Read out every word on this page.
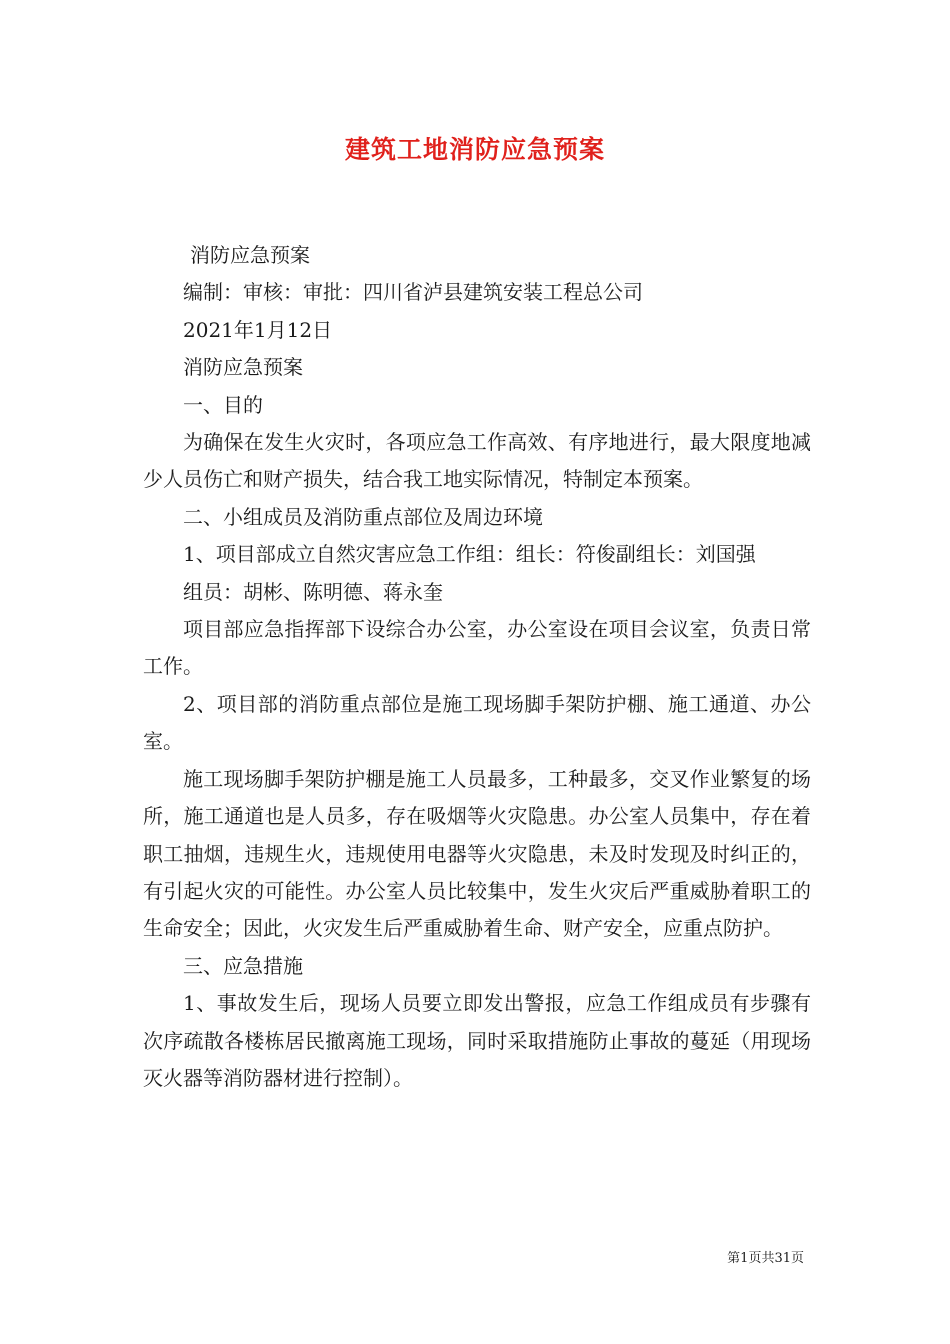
建筑工地消防应急预案

消防应急预案

编制：审核：审批：四川省泸县建筑安装工程总公司

2021年1月12日

消防应急预案

一、目的

为确保在发生火灾时，各项应急工作高效、有序地进行，最大限度地减少人员伤亡和财产损失，结合我工地实际情况，特制定本预案。

二、小组成员及消防重点部位及周边环境

1、项目部成立自然灾害应急工作组：组长：符俊副组长：刘国强

组员：胡彬、陈明德、蒋永奎

项目部应急指挥部下设综合办公室，办公室设在项目会议室，负责日常工作。

2、项目部的消防重点部位是施工现场脚手架防护棚、施工通道、办公室。

施工现场脚手架防护棚是施工人员最多，工种最多，交叉作业繁复的场所，施工通道也是人员多，存在吸烟等火灾隐患。办公室人员集中，存在着职工抽烟，违规生火，违规使用电器等火灾隐患，未及时发现及时纠正的，有引起火灾的可能性。办公室人员比较集中，发生火灾后严重威胁着职工的生命安全；因此，火灾发生后严重威胁着生命、财产安全，应重点防护。

三、应急措施

1、事故发生后，现场人员要立即发出警报，应急工作组成员有步骤有次序疏散各楼栋居民撤离施工现场，同时采取措施防止事故的蔓延（用现场灭火器等消防器材进行控制）。

第1页共31页
